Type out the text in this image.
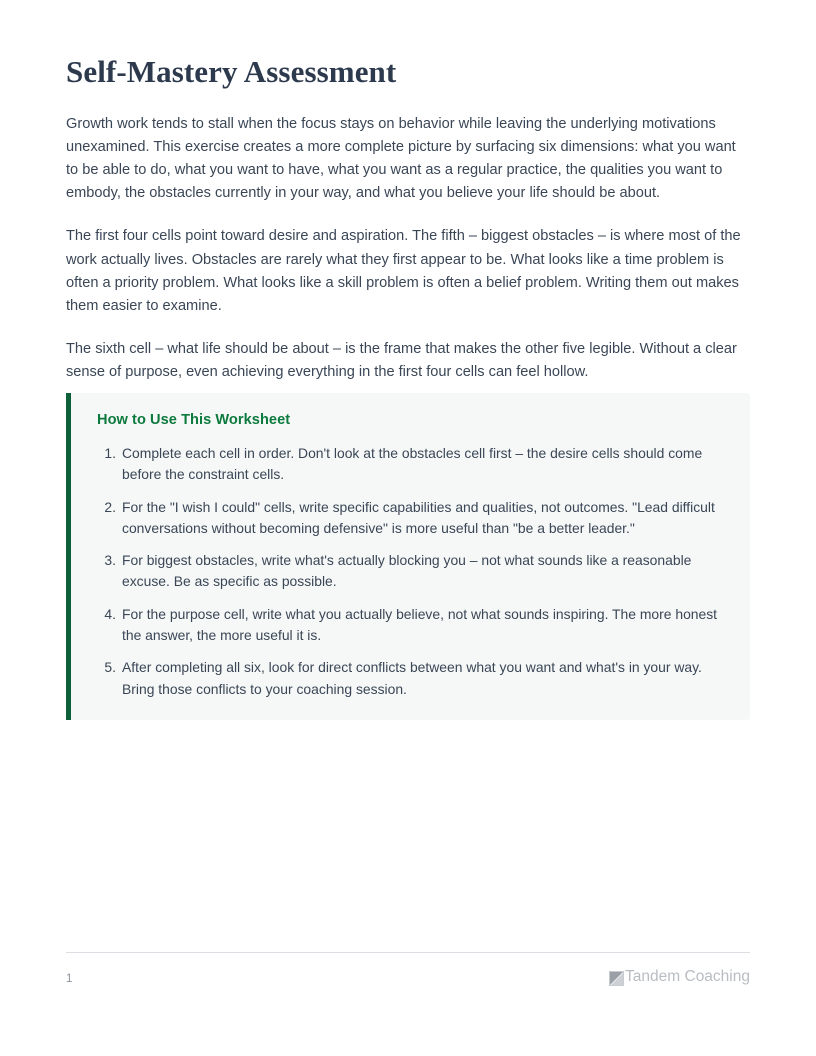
Self-Mastery Assessment

Growth work tends to stall when the focus stays on behavior while leaving the underlying motivations unexamined. This exercise creates a more complete picture by surfacing six dimensions: what you want to be able to do, what you want to have, what you want as a regular practice, the qualities you want to embody, the obstacles currently in your way, and what you believe your life should be about.

The first four cells point toward desire and aspiration. The fifth – biggest obstacles – is where most of the work actually lives. Obstacles are rarely what they first appear to be. What looks like a time problem is often a priority problem. What looks like a skill problem is often a belief problem. Writing them out makes them easier to examine.

The sixth cell – what life should be about – is the frame that makes the other five legible. Without a clear sense of purpose, even achieving everything in the first four cells can feel hollow.

How to Use This Worksheet
Complete each cell in order. Don't look at the obstacles cell first – the desire cells should come before the constraint cells.
For the "I wish I could" cells, write specific capabilities and qualities, not outcomes. "Lead difficult conversations without becoming defensive" is more useful than "be a better leader."
For biggest obstacles, write what's actually blocking you – not what sounds like a reasonable excuse. Be as specific as possible.
For the purpose cell, write what you actually believe, not what sounds inspiring. The more honest the answer, the more useful it is.
After completing all six, look for direct conflicts between what you want and what's in your way. Bring those conflicts to your coaching session.
1	Tandem Coaching
